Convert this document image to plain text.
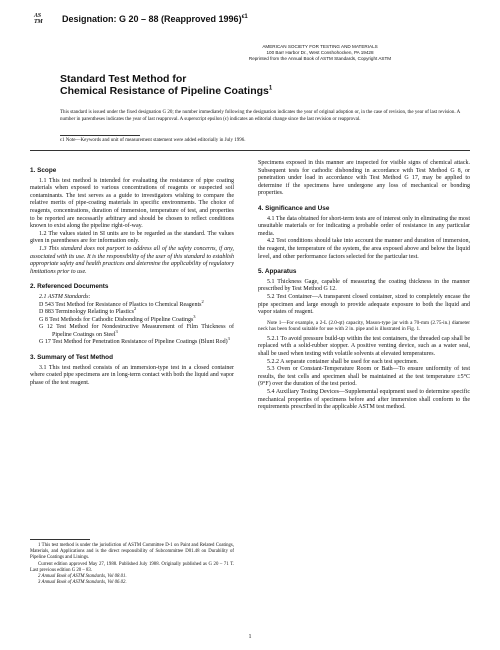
AS
TM	Designation: G 20 – 88 (Reapproved 1996)$^{\epsilon 1}$
AMERICAN SOCIETY FOR TESTING AND MATERIALS
100 Barr Harbor Dr., West Conshohocken, PA 19428
Reprinted from the Annual Book of ASTM Standards, Copyright ASTM
Standard Test Method for
Chemical Resistance of Pipeline Coatings$^1$
This standard is issued under the fixed designation G 20; the number immediately following the designation indicates the year of original adoption or, in the case of revision, the year of last revision. A number in parentheses indicates the year of last reapproval. A superscript epsilon (ϵ) indicates an editorial change since the last revision or reapproval.
ϵ1 Note—Keywords and unit of measurement statement were added editorially in July 1996.
1. Scope

1.1 This test method is intended for evaluating the resistance of pipe coating materials when exposed to various concentrations of reagents or suspected soil contaminants. The test serves as a guide to investigators wishing to compare the relative merits of pipe-coating materials in specific environments. The choice of reagents, concentrations, duration of immersion, temperature of test, and properties to be reported are necessarily arbitrary and should be chosen to reflect conditions known to exist along the pipeline right-of-way.

1.2 The values stated in SI units are to be regarded as the standard. The values given in parentheses are for information only.

1.3 This standard does not purport to address all of the safety concerns, if any, associated with its use. It is the responsibility of the user of this standard to establish appropriate safety and health practices and determine the applicability of regulatory limitations prior to use.

2. Referenced Documents

2.1 ASTM Standards:

D 543 Test Method for Resistance of Plastics to Chemical Reagents$^2$

D 883 Terminology Relating to Plastics$^2$

G 8 Test Methods for Cathodic Disbonding of Pipeline Coatings$^3$

G 12 Test Method for Nondestructive Measurement of Film Thickness of Pipeline Coatings on Steel$^3$

G 17 Test Method for Penetration Resistance of Pipeline Coatings (Blunt Rod)$^3$

3. Summary of Test Method

3.1 This test method consists of an immersion-type test in a closed container where coated pipe specimens are in long-term contact with both the liquid and vapor phase of the test reagent.

1 This test method is under the jurisdiction of ASTM Committee D-1 on Paint and Related Coatings, Materials, and Applications and is the direct responsibility of Subcommittee D01.48 on Durability of Pipeline Coatings and Linings.

Current edition approved May 27, 1988. Published July 1988. Originally published as G 20 – 71 T. Last previous edition G 20 – 83.

2 Annual Book of ASTM Standards, Vol 08.01.

3 Annual Book of ASTM Standards, Vol 06.02.

Specimens exposed in this manner are inspected for visible signs of chemical attack. Subsequent tests for cathodic disbonding in accordance with Test Method G 8, or penetration under load in accordance with Test Method G 17, may be applied to determine if the specimens have undergone any loss of mechanical or bonding properties.

4. Significance and Use

4.1 The data obtained for short-term tests are of interest only in eliminating the most unsuitable materials or for indicating a probable order of resistance in any particular media.

4.2 Test conditions should take into account the manner and duration of immersion, the reagent, the temperature of the system, the area exposed above and below the liquid level, and other performance factors selected for the particular test.

5. Apparatus

5.1 Thickness Gage, capable of measuring the coating thickness in the manner prescribed by Test Method G 12.

5.2 Test Container—A transparent closed container, sized to completely encase the pipe specimen and large enough to provide adequate exposure to both the liquid and vapor states of reagent.

Note 1—For example, a 2-L (2.0-qt) capacity, Mason-type jar with a 70-mm (2.75-in.) diameter neck has been found suitable for use with 2 in. pipe and is illustrated in Fig. 1.

5.2.1 To avoid pressure build-up within the test containers, the threaded cap shall be replaced with a solid-rubber stopper. A positive venting device, such as a water seal, shall be used when testing with volatile solvents at elevated temperatures.

5.2.2 A separate container shall be used for each test specimen.

5.3 Oven or Constant-Temperature Room or Bath—To ensure uniformity of test results, the test cells and specimen shall be maintained at the test temperature ±5°C (9°F) over the duration of the test period.

5.4 Auxiliary Testing Devices—Supplemental equipment used to determine specific mechanical properties of specimens before and after immersion shall conform to the requirements prescribed in the applicable ASTM test method.

1
